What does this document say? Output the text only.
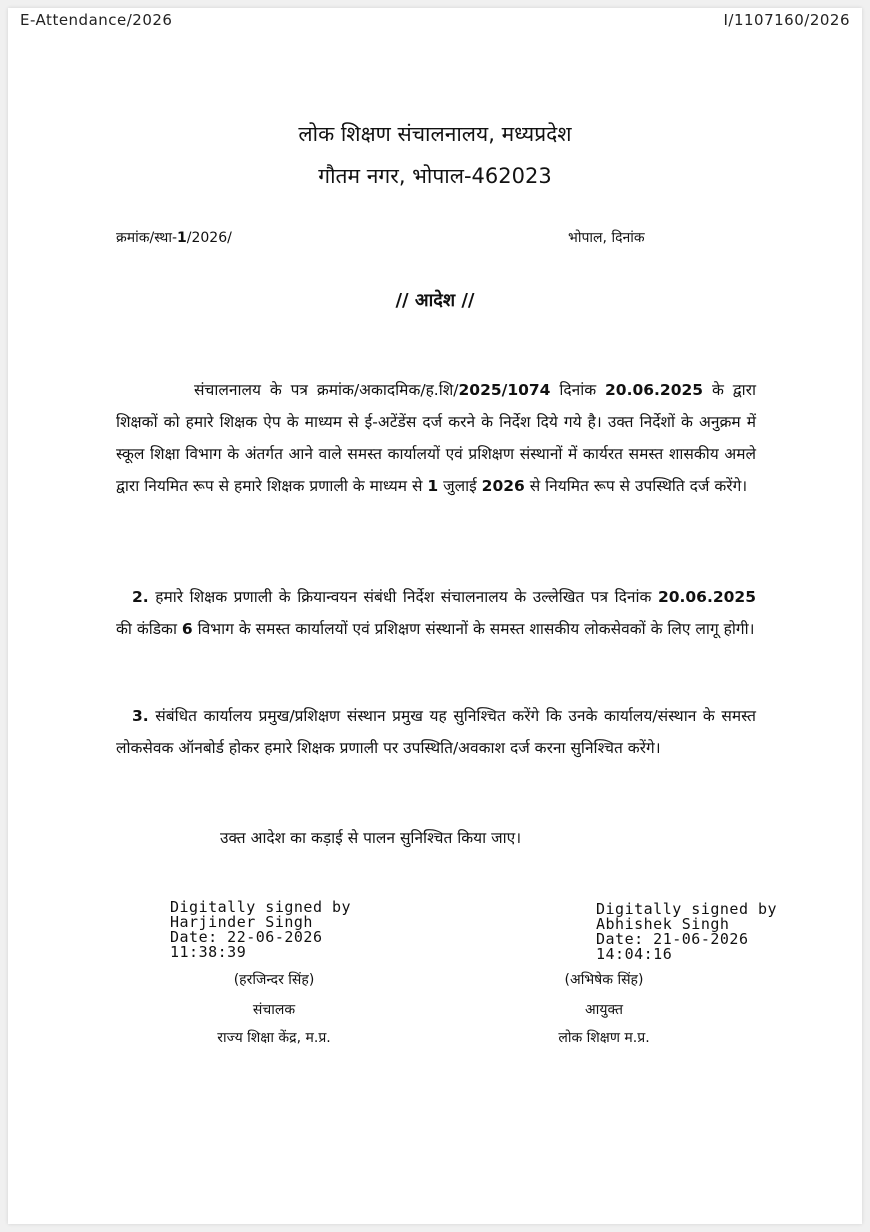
E-Attendance/2026	I/1107160/2026
लोक शिक्षण संचालनालय, मध्यप्रदेश
गौतम नगर, भोपाल-462023
क्रमांक/स्था-1/2026/	भोपाल, दिनांक
// आदेश //
संचालनालय के पत्र क्रमांक/अकादमिक/ह.शि/2025/1074 दिनांक 20.06.2025 के द्वारा शिक्षकों को हमारे शिक्षक ऐप के माध्यम से ई-अटेंडेंस दर्ज करने के निर्देश दिये गये है। उक्त निर्देशों के अनुक्रम में स्कूल शिक्षा विभाग के अंतर्गत आने वाले समस्त कार्यालयों एवं प्रशिक्षण संस्थानों में कार्यरत समस्त शासकीय अमले द्वारा नियमित रूप से हमारे शिक्षक प्रणाली के माध्यम से 1 जुलाई 2026 से नियमित रूप से उपस्थिति दर्ज करेंगे।
2. हमारे शिक्षक प्रणाली के क्रियान्वयन संबंधी निर्देश संचालनालय के उल्लेखित पत्र दिनांक 20.06.2025 की कंडिका 6 विभाग के समस्त कार्यालयों एवं प्रशिक्षण संस्थानों के समस्त शासकीय लोकसेवकों के लिए लागू होगी।
3. संबंधित कार्यालय प्रमुख/प्रशिक्षण संस्थान प्रमुख यह सुनिश्चित करेंगे कि उनके कार्यालय/संस्थान के समस्त लोकसेवक ऑनबोर्ड होकर हमारे शिक्षक प्रणाली पर उपस्थिति/अवकाश दर्ज करना सुनिश्चित करेंगे।
उक्त आदेश का कड़ाई से पालन सुनिश्चित किया जाए।
Digitally signed by
Harjinder Singh
Date: 22-06-2026
11:38:39
(हरजिन्दर सिंह)
संचालक
राज्य शिक्षा केंद्र, म.प्र.
Digitally signed by
Abhishek Singh
Date: 21-06-2026
14:04:16
(अभिषेक सिंह)
आयुक्त
लोक शिक्षण म.प्र.
